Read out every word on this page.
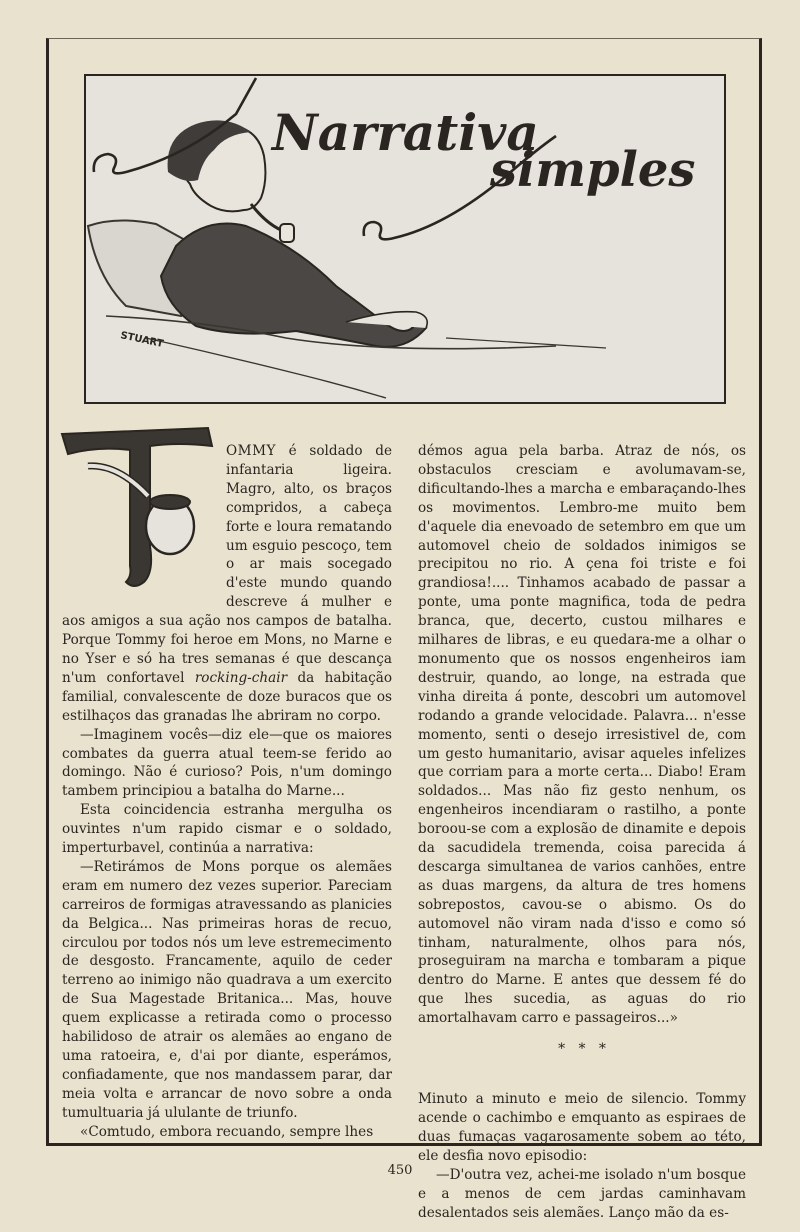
Narrativa
simples
STUART
T

OMMY é soldado de infantaria ligeira. Magro, alto, os braços compridos, a cabeça forte e loura rematando um esguio pescoço, tem o ar mais socegado d'este mundo quando descreve á mulher e aos amigos a sua ação nos campos de batalha. Porque Tommy foi heroe em Mons, no Marne e no Yser e só ha tres semanas é que descança n'um confortavel rocking-chair da habitação familial, convalescente de doze buracos que os estilhaços das granadas lhe abriram no corpo.

—Imaginem vocês—diz ele—que os maiores combates da guerra atual teem-se ferido ao domingo. Não é curioso? Pois, n'um domingo tambem principiou a batalha do Marne...

Esta coincidencia estranha mergulha os ouvintes n'um rapido cismar e o soldado, imperturbavel, continúa a narrativa:

—Retirámos de Mons porque os alemães eram em numero dez vezes superior. Pareciam carreiros de formigas atravessando as planicies da Belgica... Nas primeiras horas de recuo, circulou por todos nós um leve estremecimento de desgosto. Francamente, aquilo de ceder terreno ao inimigo não quadrava a um exercito de Sua Magestade Britanica... Mas, houve quem explicasse a retirada como o processo habilidoso de atrair os alemães ao engano de uma ratoeira, e, d'ai por diante, esperámos, confiadamente, que nos mandassem parar, dar meia volta e arrancar de novo sobre a onda tumultuaria já ululante de triunfo.

«Comtudo, embora recuando, sempre lhes

démos agua pela barba. Atraz de nós, os obstaculos cresciam e avolumavam-se, dificultando-lhes a marcha e embaraçando-lhes os movimentos. Lembro-me muito bem d'aquele dia enevoado de setembro em que um automovel cheio de soldados inimigos se precipitou no rio. A çena foi triste e foi grandiosa!.... Tinhamos acabado de passar a ponte, uma ponte magnifica, toda de pedra branca, que, decerto, custou milhares e milhares de libras, e eu quedara-me a olhar o monumento que os nossos engenheiros iam destruir, quando, ao longe, na estrada que vinha direita á ponte, descobri um automovel rodando a grande velocidade. Palavra... n'esse momento, senti o desejo irresistivel de, com um gesto humanitario, avisar aqueles infelizes que corriam para a morte certa... Diabo! Eram soldados... Mas não fiz gesto nenhum, os engenheiros incendiaram o rastilho, a ponte boroou-se com a explosão de dinamite e depois da sacudidela tremenda, coisa parecida á descarga simultanea de varios canhões, entre as duas margens, da altura de tres homens sobrepostos, cavou-se o abismo. Os do automovel não viram nada d'isso e como só tinham, naturalmente, olhos para nós, proseguiram na marcha e tombaram a pique dentro do Marne. E antes que dessem fé do que lhes sucedia, as aguas do rio amortalhavam carro e passageiros...»

*   *   *

Minuto a minuto e meio de silencio. Tommy acende o cachimbo e emquanto as espiraes de duas fumaças vagarosamente sobem ao této, ele desfia novo episodio:

—D'outra vez, achei-me isolado n'um bosque e a menos de cem jardas caminhavam desalentados seis alemães. Lanço mão da es-

450
